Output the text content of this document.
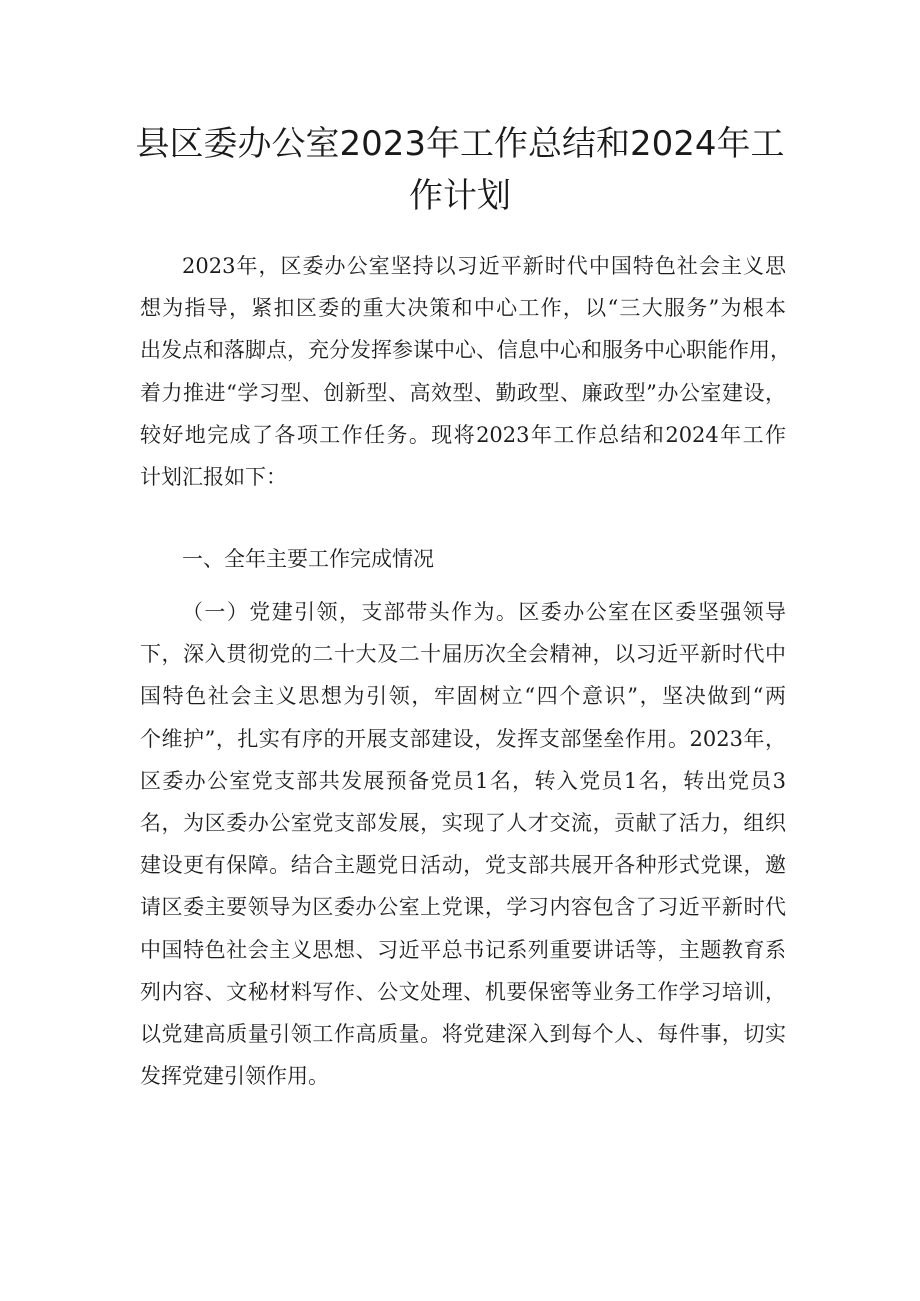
县区委办公室2023年工作总结和2024年工
作计划
2023年，区委办公室坚持以习近平新时代中国特色社会主义思
想为指导，紧扣区委的重大决策和中心工作，以“三大服务”为根本
出发点和落脚点，充分发挥参谋中心、信息中心和服务中心职能作用，
着力推进“学习型、创新型、高效型、勤政型、廉政型”办公室建设，
较好地完成了各项工作任务。现将2023年工作总结和2024年工作
计划汇报如下：
一、全年主要工作完成情况
（一）党建引领，支部带头作为。区委办公室在区委坚强领导
下，深入贯彻党的二十大及二十届历次全会精神，以习近平新时代中
国特色社会主义思想为引领，牢固树立“四个意识”，坚决做到“两
个维护”，扎实有序的开展支部建设，发挥支部堡垒作用。2023年，
区委办公室党支部共发展预备党员1名，转入党员1名，转出党员3
名，为区委办公室党支部发展，实现了人才交流，贡献了活力，组织
建设更有保障。结合主题党日活动，党支部共展开各种形式党课，邀
请区委主要领导为区委办公室上党课，学习内容包含了习近平新时代
中国特色社会主义思想、习近平总书记系列重要讲话等，主题教育系
列内容、文秘材料写作、公文处理、机要保密等业务工作学习培训，
以党建高质量引领工作高质量。将党建深入到每个人、每件事，切实
发挥党建引领作用。
